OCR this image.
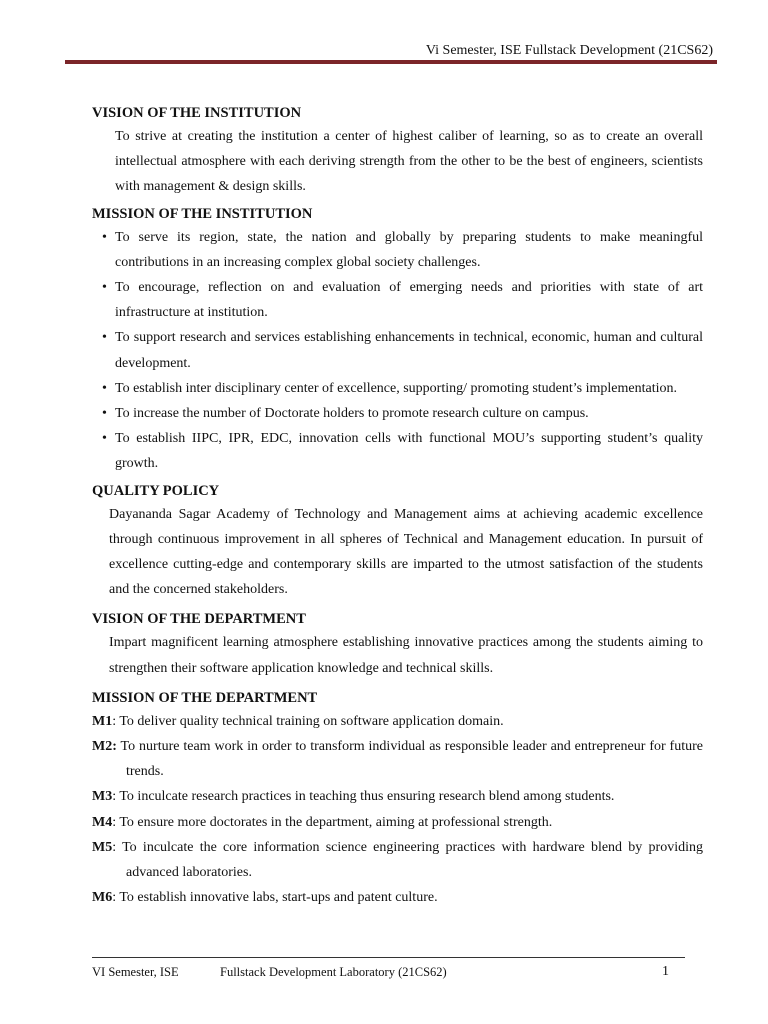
Vi Semester, ISE Fullstack Development (21CS62)

VISION OF THE INSTITUTION

To strive at creating the institution a center of highest caliber of learning, so as to create an overall intellectual atmosphere with each deriving strength from the other to be the best of engineers, scientists with management & design skills.

MISSION OF THE INSTITUTION

• To serve its region, state, the nation and globally by preparing students to make meaningful contributions in an increasing complex global society challenges.
• To encourage, reflection on and evaluation of emerging needs and priorities with state of art infrastructure at institution.
• To support research and services establishing enhancements in technical, economic, human and cultural development.
• To establish inter disciplinary center of excellence, supporting/ promoting student’s implementation.
• To increase the number of Doctorate holders to promote research culture on campus.
• To establish IIPC, IPR, EDC, innovation cells with functional MOU’s supporting student’s quality growth.

QUALITY POLICY

Dayananda Sagar Academy of Technology and Management aims at achieving academic excellence through continuous improvement in all spheres of Technical and Management education. In pursuit of excellence cutting-edge and contemporary skills are imparted to the utmost satisfaction of the students and the concerned stakeholders.

VISION OF THE DEPARTMENT

Impart magnificent learning atmosphere establishing innovative practices among the students aiming to strengthen their software application knowledge and technical skills.

MISSION OF THE DEPARTMENT

M1: To deliver quality technical training on software application domain.

M2: To nurture team work in order to transform individual as responsible leader and entrepreneur for future trends.

M3: To inculcate research practices in teaching thus ensuring research blend among students.

M4: To ensure more doctorates in the department, aiming at professional strength.

M5: To inculcate the core information science engineering practices with hardware blend by providing advanced laboratories.

M6: To establish innovative labs, start-ups and patent culture.

VI Semester, ISE	Fullstack Development Laboratory (21CS62)	1
